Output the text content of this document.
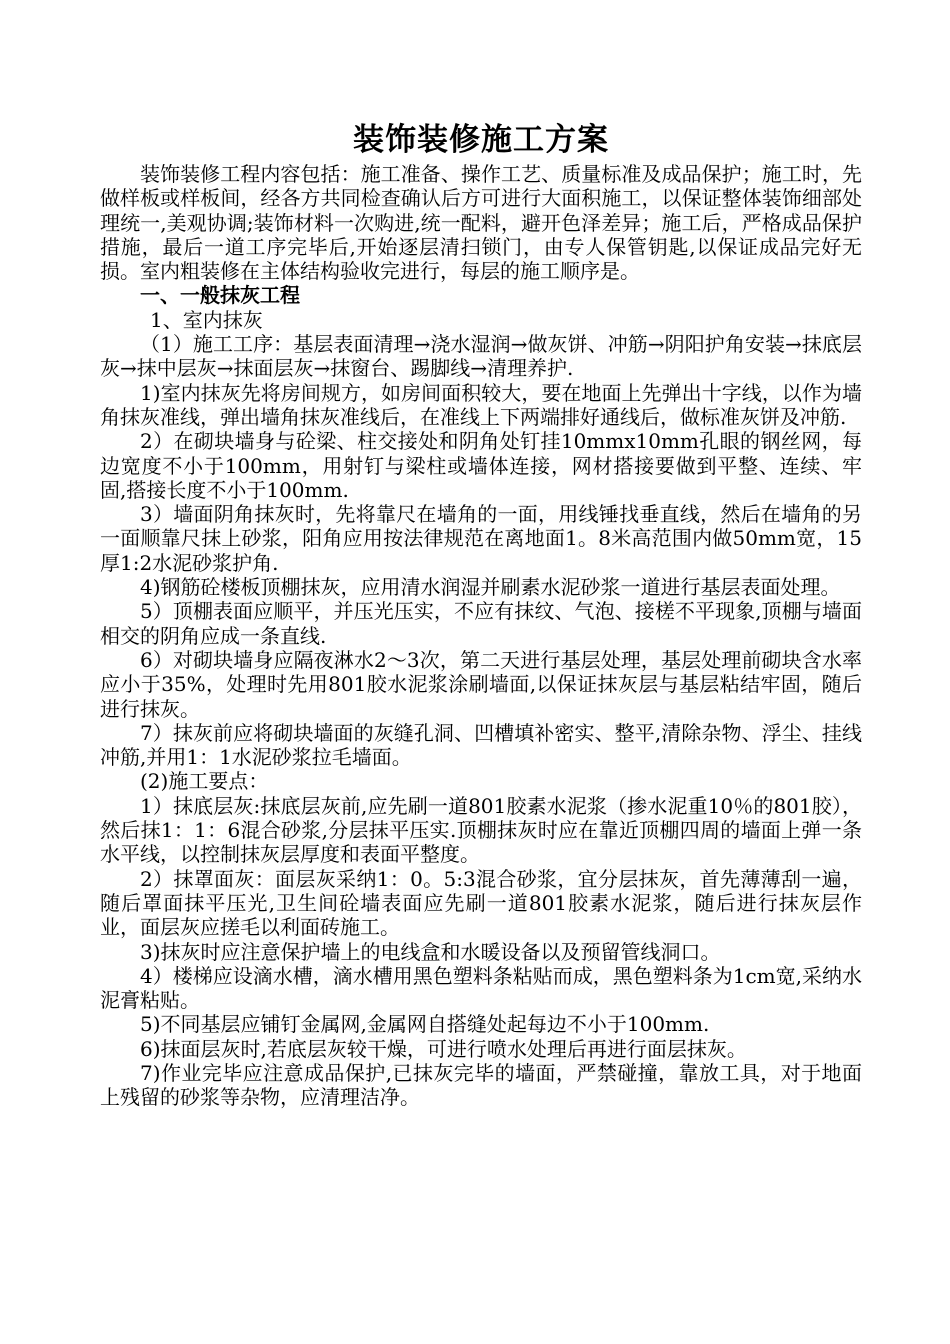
装饰装修施工方案

装饰装修工程内容包括：施工准备、操作工艺、质量标准及成品保护；施工时，先做样板或样板间，经各方共同检查确认后方可进行大面积施工，以保证整体装饰细部处理统一,美观协调;装饰材料一次购进,统一配料，避开色泽差异；施工后，严格成品保护措施，最后一道工序完毕后,开始逐层清扫锁门，由专人保管钥匙,以保证成品完好无损。室内粗装修在主体结构验收完进行，每层的施工顺序是。

一、一般抹灰工程

1、室内抹灰

（1）施工工序：基层表面清理→浇水湿润→做灰饼、冲筋→阴阳护角安装→抹底层灰→抹中层灰→抹面层灰→抹窗台、踢脚线→清理养护.

1)室内抹灰先将房间规方，如房间面积较大，要在地面上先弹出十字线，以作为墙角抹灰准线，弹出墙角抹灰准线后，在准线上下两端排好通线后，做标准灰饼及冲筋.

2）在砌块墙身与砼梁、柱交接处和阴角处钉挂10mmx10mm孔眼的钢丝网，每边宽度不小于100mm，用射钉与梁柱或墙体连接，网材搭接要做到平整、连续、牢固,搭接长度不小于100mm.

3）墙面阴角抹灰时，先将靠尺在墙角的一面，用线锤找垂直线，然后在墙角的另一面顺靠尺抹上砂浆，阳角应用按法律规范在离地面1。8米高范围内做50mm宽，15厚1:2水泥砂浆护角.

4)钢筋砼楼板顶棚抹灰，应用清水润湿并刷素水泥砂浆一道进行基层表面处理。

5）顶棚表面应顺平，并压光压实，不应有抹纹、气泡、接槎不平现象,顶棚与墙面相交的阴角应成一条直线.

6）对砌块墙身应隔夜淋水2～3次，第二天进行基层处理，基层处理前砌块含水率应小于35%，处理时先用801胶水泥浆涂刷墙面,以保证抹灰层与基层粘结牢固，随后进行抹灰。

7）抹灰前应将砌块墙面的灰缝孔洞、凹槽填补密实、整平,清除杂物、浮尘、挂线冲筋,并用1：1水泥砂浆拉毛墙面。

(2)施工要点：

1）抹底层灰:抹底层灰前,应先刷一道801胶素水泥浆（掺水泥重10％的801胶），然后抹1：1：6混合砂浆,分层抹平压实.顶棚抹灰时应在靠近顶棚四周的墙面上弹一条水平线，以控制抹灰层厚度和表面平整度。

2）抹罩面灰：面层灰采纳1：0。5:3混合砂浆，宜分层抹灰，首先薄薄刮一遍，随后罩面抹平压光,卫生间砼墙表面应先刷一道801胶素水泥浆，随后进行抹灰层作业，面层灰应搓毛以利面砖施工。

3)抹灰时应注意保护墙上的电线盒和水暖设备以及预留管线洞口。

4）楼梯应设滴水槽，滴水槽用黑色塑料条粘贴而成，黑色塑料条为1cm宽,采纳水泥膏粘贴。

5)不同基层应铺钉金属网,金属网自搭缝处起每边不小于100mm.

6)抹面层灰时,若底层灰较干燥，可进行喷水处理后再进行面层抹灰。

7)作业完毕应注意成品保护,已抹灰完毕的墙面，严禁碰撞，靠放工具，对于地面上残留的砂浆等杂物，应清理洁净。
